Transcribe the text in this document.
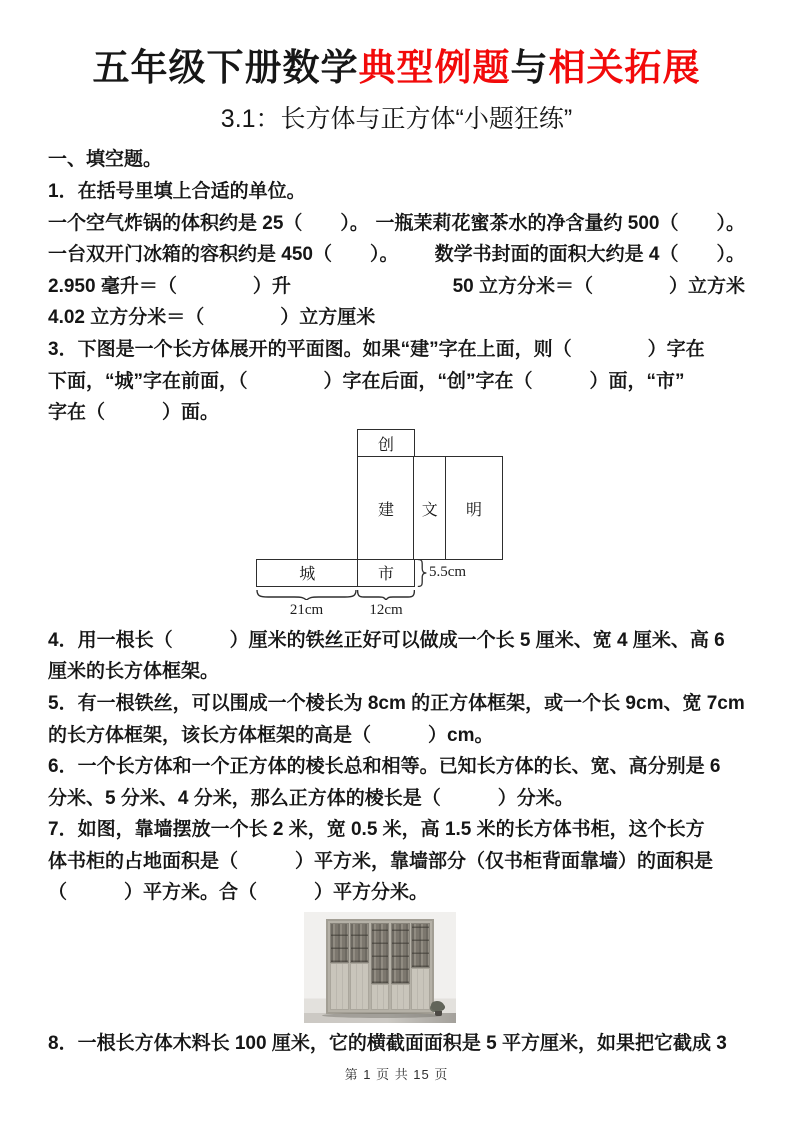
五年级下册数学典型例题与相关拓展
3.1：长方体与正方体“小题狂练”
一、填空题。
1．在括号里填上合适的单位。
一个空气炸锅的体积约是 25（　　）。 一瓶茉莉花蜜茶水的净含量约 500（　　）。
一台双开门冰箱的容积约是 450（　　）。 数学书封面的面积大约是 4（　　）。
2.950 毫升＝（　　　　）升	50 立方分米＝（　　　　）立方米
4.02 立方分米＝（　　　　）立方厘米
3．下图是一个长方体展开的平面图。如果“建”字在上面，则（　　　　）字在
下面，“城”字在前面，（　　　　）字在后面，“创”字在（　　　）面，“市”
字在（　　　）面。
创
建	文	明
城	市
21cm	12cm
5.5cm
4．用一根长（　　　）厘米的铁丝正好可以做成一个长 5 厘米、宽 4 厘米、高 6
厘米的长方体框架。
5．有一根铁丝，可以围成一个棱长为 8cm 的正方体框架，或一个长 9cm、宽 7cm
的长方体框架，该长方体框架的高是（　　　）cm。
6．一个长方体和一个正方体的棱长总和相等。已知长方体的长、宽、高分别是 6
分米、5 分米、4 分米，那么正方体的棱长是（　　　）分米。
7．如图，靠墙摆放一个长 2 米，宽 0.5 米，高 1.5 米的长方体书柜，这个长方
体书柜的占地面积是（　　　）平方米，靠墙部分（仅书柜背面靠墙）的面积是
（　　　）平方米。合（　　　）平方分米。
8．一根长方体木料长 100 厘米，它的横截面面积是 5 平方厘米，如果把它截成 3
第 1 页 共 15 页
